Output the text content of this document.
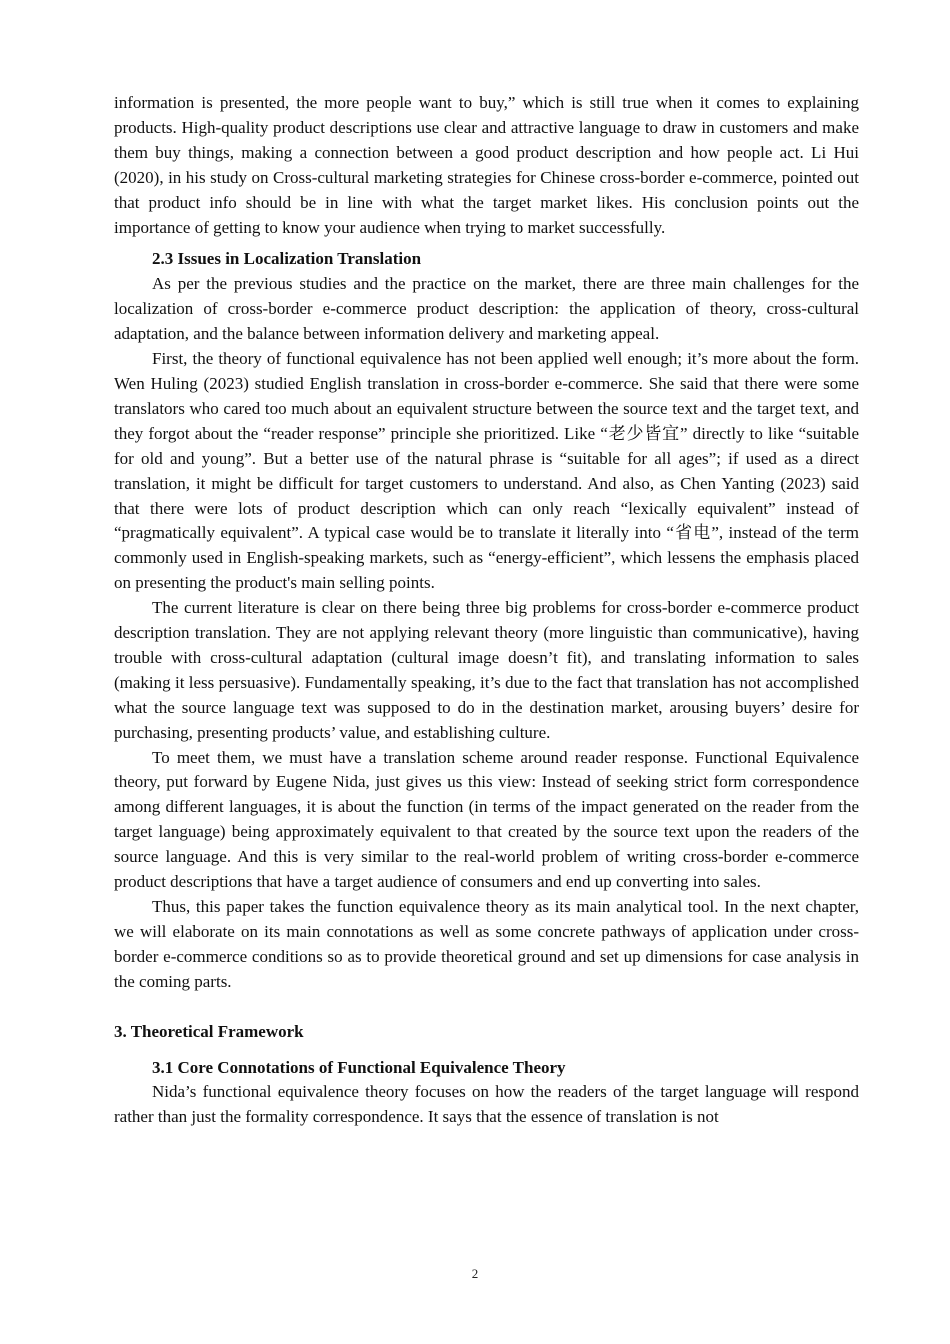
information is presented, the more people want to buy,” which is still true when it comes to explaining products. High-quality product descriptions use clear and attractive language to draw in customers and make them buy things, making a connection between a good product description and how people act. Li Hui (2020), in his study on Cross-cultural marketing strategies for Chinese cross-border e-commerce, pointed out that product info should be in line with what the target market likes. His conclusion points out the importance of getting to know your audience when trying to market successfully.

2.3 Issues in Localization Translation

As per the previous studies and the practice on the market, there are three main challenges for the localization of cross-border e-commerce product description: the application of theory, cross-cultural adaptation, and the balance between information delivery and marketing appeal.

First, the theory of functional equivalence has not been applied well enough; it’s more about the form. Wen Huling (2023) studied English translation in cross-border e-commerce. She said that there were some translators who cared too much about an equivalent structure between the source text and the target text, and they forgot about the “reader response” principle she prioritized. Like “老少皆宜” directly to like “suitable for old and young”. But a better use of the natural phrase is “suitable for all ages”; if used as a direct translation, it might be difficult for target customers to understand. And also, as Chen Yanting (2023) said that there were lots of product description which can only reach “lexically equivalent” instead of “pragmatically equivalent”. A typical case would be to translate it literally into “省电”, instead of the term commonly used in English-speaking markets, such as “energy-efficient”, which lessens the emphasis placed on presenting the product's main selling points.

The current literature is clear on there being three big problems for cross-border e-commerce product description translation. They are not applying relevant theory (more linguistic than communicative), having trouble with cross-cultural adaptation (cultural image doesn’t fit), and translating information to sales (making it less persuasive). Fundamentally speaking, it’s due to the fact that translation has not accomplished what the source language text was supposed to do in the destination market, arousing buyers’ desire for purchasing, presenting products’ value, and establishing culture.

To meet them, we must have a translation scheme around reader response. Functional Equivalence theory, put forward by Eugene Nida, just gives us this view: Instead of seeking strict form correspondence among different languages, it is about the function (in terms of the impact generated on the reader from the target language) being approximately equivalent to that created by the source text upon the readers of the source language. And this is very similar to the real-world problem of writing cross-border e-commerce product descriptions that have a target audience of consumers and end up converting into sales.

Thus, this paper takes the function equivalence theory as its main analytical tool. In the next chapter, we will elaborate on its main connotations as well as some concrete pathways of application under cross-border e-commerce conditions so as to provide theoretical ground and set up dimensions for case analysis in the coming parts.

3. Theoretical Framework
3.1 Core Connotations of Functional Equivalence Theory

Nida’s functional equivalence theory focuses on how the readers of the target language will respond rather than just the formality correspondence. It says that the essence of translation is not

2
